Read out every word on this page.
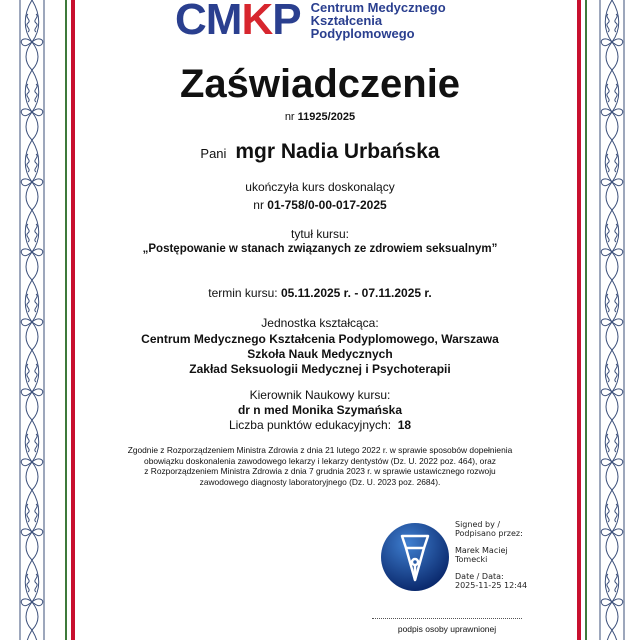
CMKP Centrum Medycznego
Kształcenia
Podyplomowego
Zaświadczenie
nr 11925/2025
Pani mgr Nadia Urbańska
ukończyła kurs doskonalący
nr 01-758/0-00-017-2025
tytuł kursu:
„Postępowanie w stanach związanych ze zdrowiem seksualnym”
termin kursu: 05.11.2025 r. - 07.11.2025 r.
Jednostka kształcąca:
Centrum Medycznego Kształcenia Podyplomowego, Warszawa
Szkoła Nauk Medycznych
Zakład Seksuologii Medycznej i Psychoterapii
Kierownik Naukowy kursu:
dr n med Monika Szymańska
Liczba punktów edukacyjnych: 18
Zgodnie z Rozporządzeniem Ministra Zdrowia z dnia 21 lutego 2022 r. w sprawie sposobów dopełnienia
obowiązku doskonalenia zawodowego lekarzy i lekarzy dentystów (Dz. U. 2022 poz. 464), oraz
z Rozporządzeniem Ministra Zdrowia z dnia 7 grudnia 2023 r. w sprawie ustawicznego rozwoju
zawodowego diagnosty laboratoryjnego (Dz. U. 2023 poz. 2684).
Signed by /
Podpisano przez:
Marek Maciej
Tomecki
Date / Data:
2025-11-25 12:44
podpis osoby uprawnionej
